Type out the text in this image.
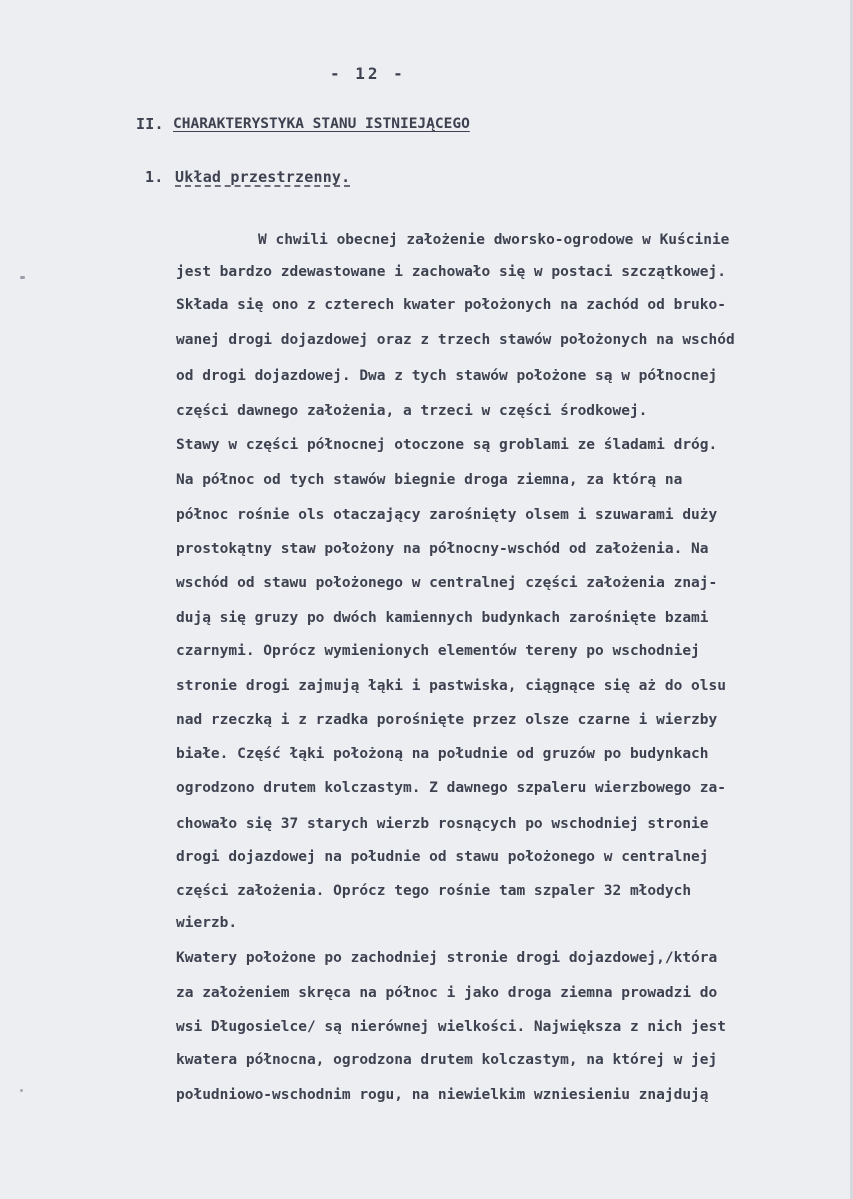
- 12 -
II. CHARAKTERYSTYKA STANU ISTNIEJĄCEGO
1. Układ przestrzenny.
W chwili obecnej założenie dworsko-ogrodowe w Kuścinie
jest bardzo zdewastowane i zachowało się w postaci szczątkowej.
Składa się ono z czterech kwater położonych na zachód od bruko-
wanej drogi dojazdowej oraz z trzech stawów położonych na wschód
od drogi dojazdowej. Dwa z tych stawów położone są w północnej
części dawnego założenia, a trzeci w części środkowej.
Stawy w części północnej otoczone są groblami ze śladami dróg.
Na północ od tych stawów biegnie droga ziemna, za którą na
północ rośnie ols otaczający zarośnięty olsem i szuwarami duży
prostokątny staw położony na północny-wschód od założenia. Na
wschód od stawu położonego w centralnej części założenia znaj-
dują się gruzy po dwóch kamiennych budynkach zarośnięte bzami
czarnymi. Oprócz wymienionych elementów tereny po wschodniej
stronie drogi zajmują łąki i pastwiska, ciągnące się aż do olsu
nad rzeczką i z rzadka porośnięte przez olsze czarne i wierzby
białe. Część łąki położoną na południe od gruzów po budynkach
ogrodzono drutem kolczastym. Z dawnego szpaleru wierzbowego za-
chowało się 37 starych wierzb rosnących po wschodniej stronie
drogi dojazdowej na południe od stawu położonego w centralnej
części założenia. Oprócz tego rośnie tam szpaler 32 młodych
wierzb.
Kwatery położone po zachodniej stronie drogi dojazdowej,/która
za założeniem skręca na północ i jako droga ziemna prowadzi do
wsi Długosielce/ są nierównej wielkości. Największa z nich jest
kwatera północna, ogrodzona drutem kolczastym, na której w jej
południowo-wschodnim rogu, na niewielkim wzniesieniu znajdują
